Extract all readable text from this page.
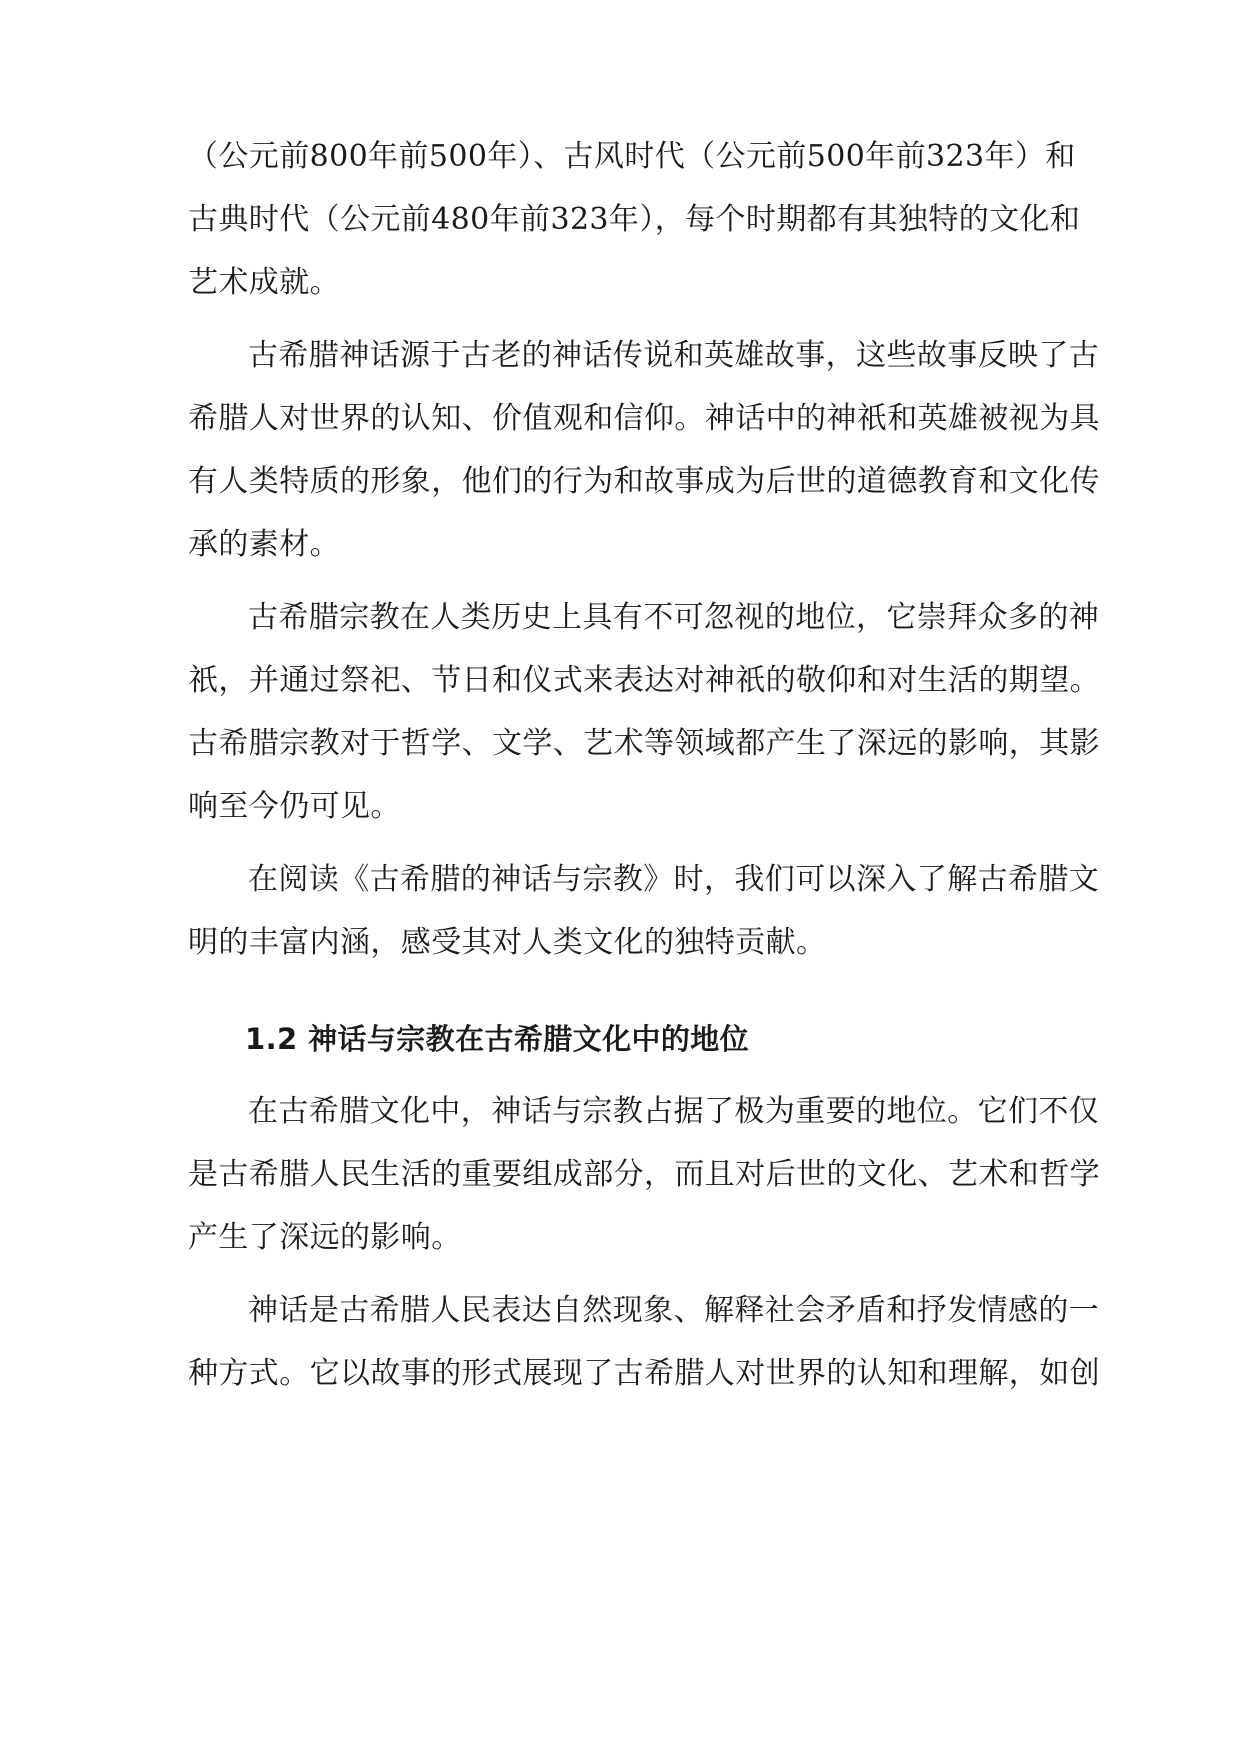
（公元前800年前500年）、古风时代（公元前500年前323年）和
古典时代（公元前480年前323年），每个时期都有其独特的文化和
艺术成就。
古希腊神话源于古老的神话传说和英雄故事，这些故事反映了古
希腊人对世界的认知、价值观和信仰。神话中的神祇和英雄被视为具
有人类特质的形象，他们的行为和故事成为后世的道德教育和文化传
承的素材。
古希腊宗教在人类历史上具有不可忽视的地位，它崇拜众多的神
祇，并通过祭祀、节日和仪式来表达对神祇的敬仰和对生活的期望。
古希腊宗教对于哲学、文学、艺术等领域都产生了深远的影响，其影
响至今仍可见。
在阅读《古希腊的神话与宗教》时，我们可以深入了解古希腊文
明的丰富内涵，感受其对人类文化的独特贡献。
1.2 神话与宗教在古希腊文化中的地位
在古希腊文化中，神话与宗教占据了极为重要的地位。它们不仅
是古希腊人民生活的重要组成部分，而且对后世的文化、艺术和哲学
产生了深远的影响。
神话是古希腊人民表达自然现象、解释社会矛盾和抒发情感的一
种方式。它以故事的形式展现了古希腊人对世界的认知和理解，如创
